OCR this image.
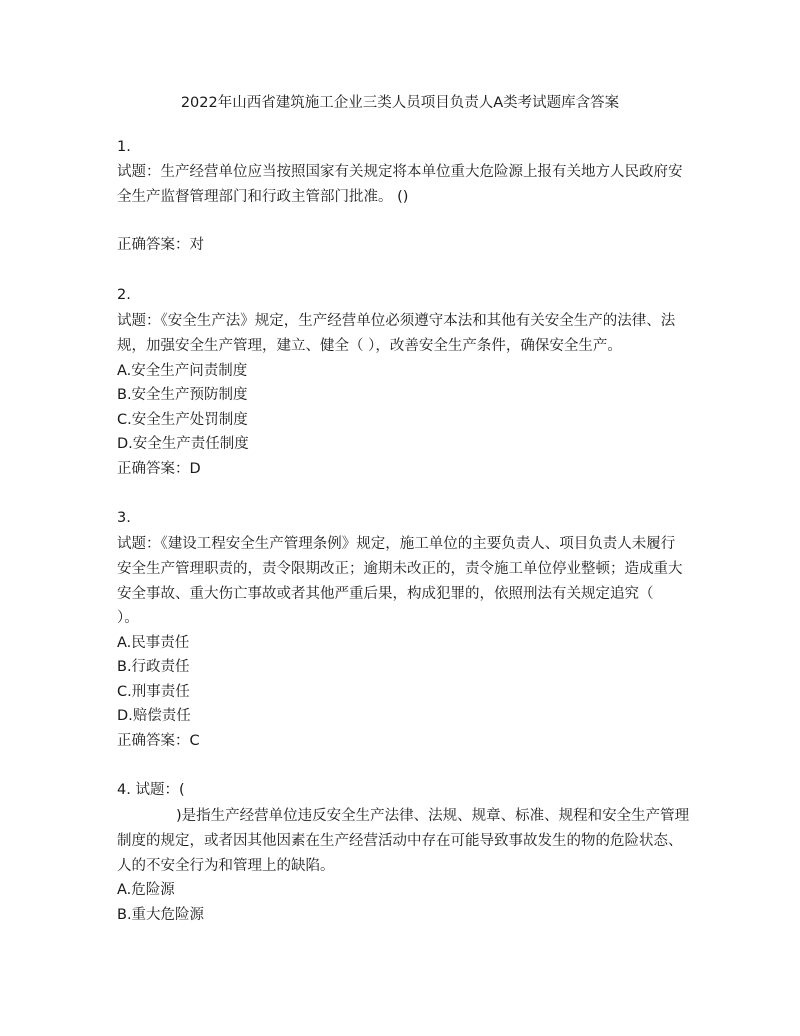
2022年山西省建筑施工企业三类人员项目负责人A类考试题库含答案
1.
试题：生产经营单位应当按照国家有关规定将本单位重大危险源上报有关地方人民政府安
全生产监督管理部门和行政主管部门批准。 ()
正确答案：对
2.
试题：《安全生产法》规定，生产经营单位必须遵守本法和其他有关安全生产的法律、法
规，加强安全生产管理，建立、健全（ ），改善安全生产条件，确保安全生产。
A.安全生产问责制度
B.安全生产预防制度
C.安全生产处罚制度
D.安全生产责任制度
正确答案：D
3.
试题：《建设工程安全生产管理条例》规定，施工单位的主要负责人、项目负责人未履行
安全生产管理职责的，责令限期改正；逾期未改正的，责令施工单位停业整顿；造成重大
安全事故、重大伤亡事故或者其他严重后果，构成犯罪的，依照刑法有关规定追究（
）。
A.民事责任
B.行政责任
C.刑事责任
D.赔偿责任
正确答案：C
4. 试题：(
)是指生产经营单位违反安全生产法律、法规、规章、标准、规程和安全生产管理
制度的规定，或者因其他因素在生产经营活动中存在可能导致事故发生的物的危险状态、
人的不安全行为和管理上的缺陷。
A.危险源
B.重大危险源
